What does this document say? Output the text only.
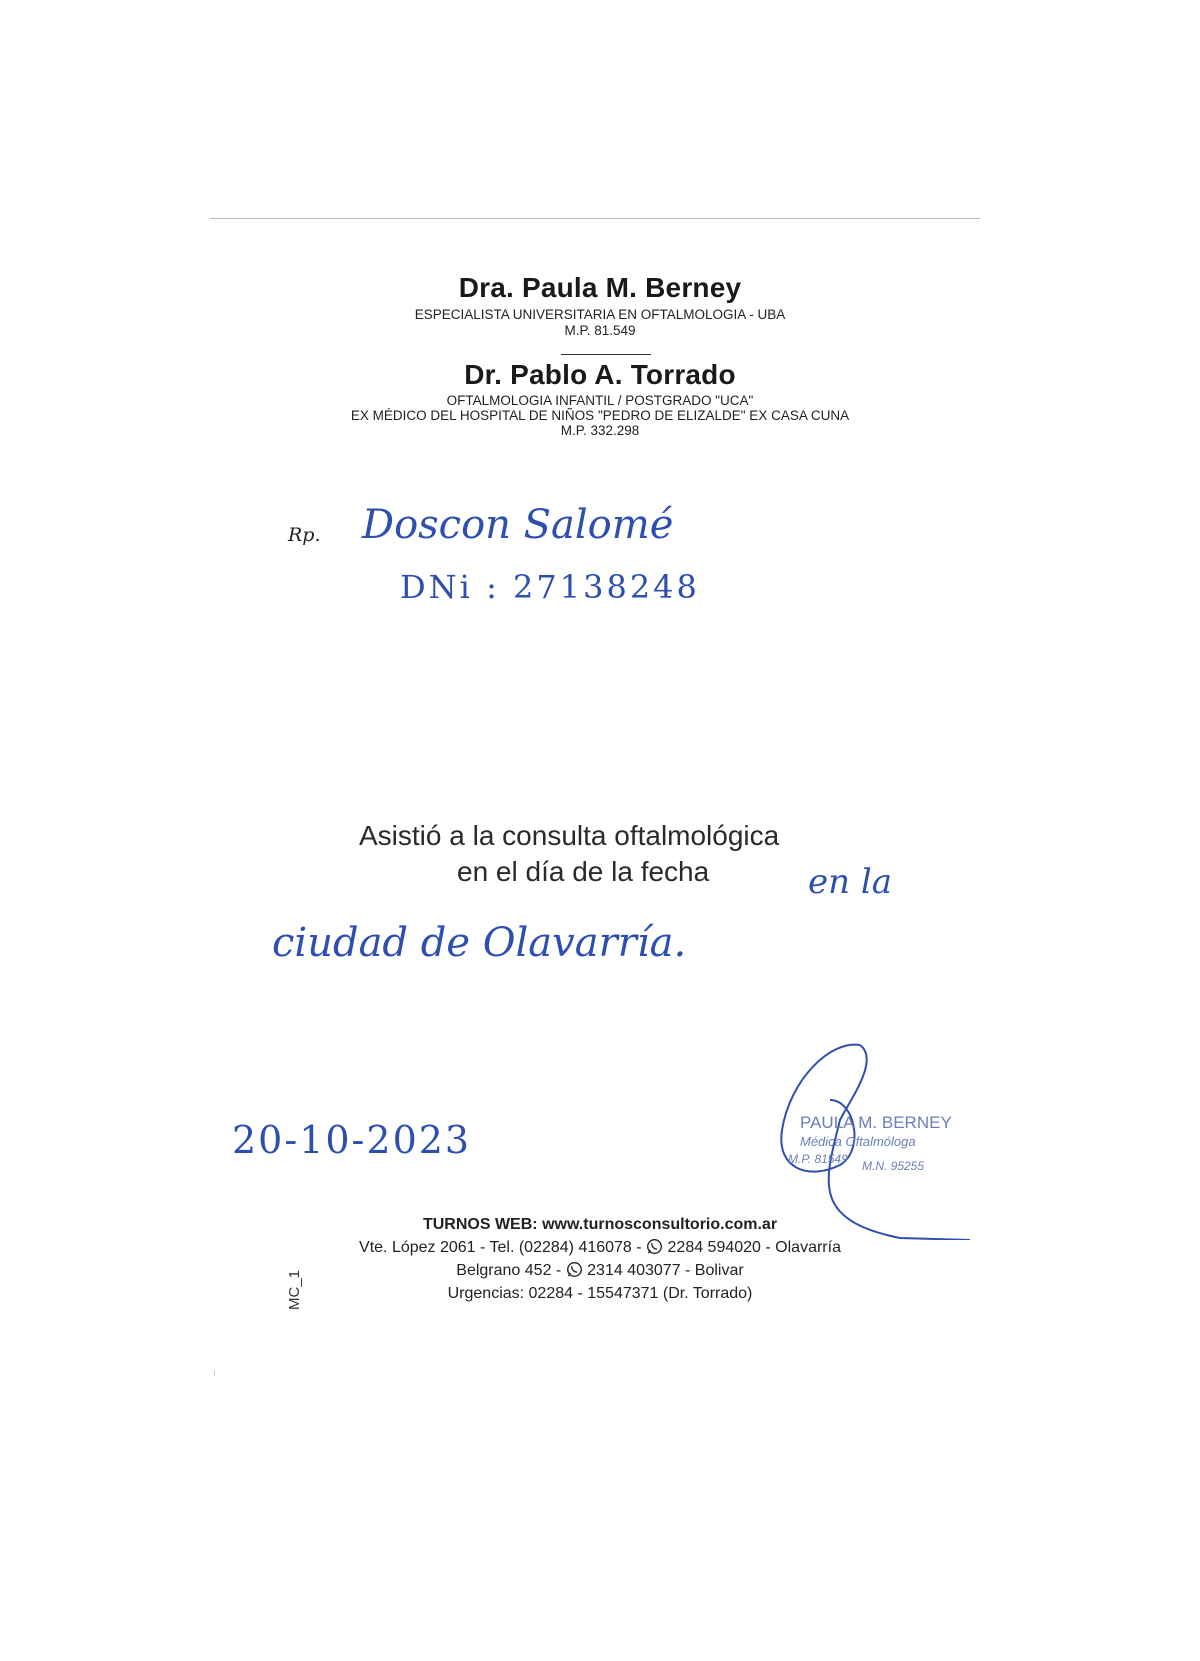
Dra. Paula M. Berney
ESPECIALISTA UNIVERSITARIA EN OFTALMOLOGIA - UBA
M.P. 81.549
Dr. Pablo A. Torrado
OFTALMOLOGIA INFANTIL / POSTGRADO "UCA"
EX MÉDICO DEL HOSPITAL DE NIÑOS "PEDRO DE ELIZALDE" EX CASA CUNA
M.P. 332.298
Rp. Doscon Salomé
DNi : 27138248
Asistió a la consulta oftalmológica
en el día de la fecha	en la
ciudad de Olavarría.
20-10-2023	PAULA M. BERNEY
Médica Oftalmóloga
M.P. 81549 M.N. 95255
TURNOS WEB: www.turnosconsultorio.com.ar
Vte. López 2061 - Tel. (02284) 416078 - 2284 594020 - Olavarría
Belgrano 452 - 2314 403077 - Bolivar
Urgencias: 02284 - 15547371 (Dr. Torrado)
MC_1
